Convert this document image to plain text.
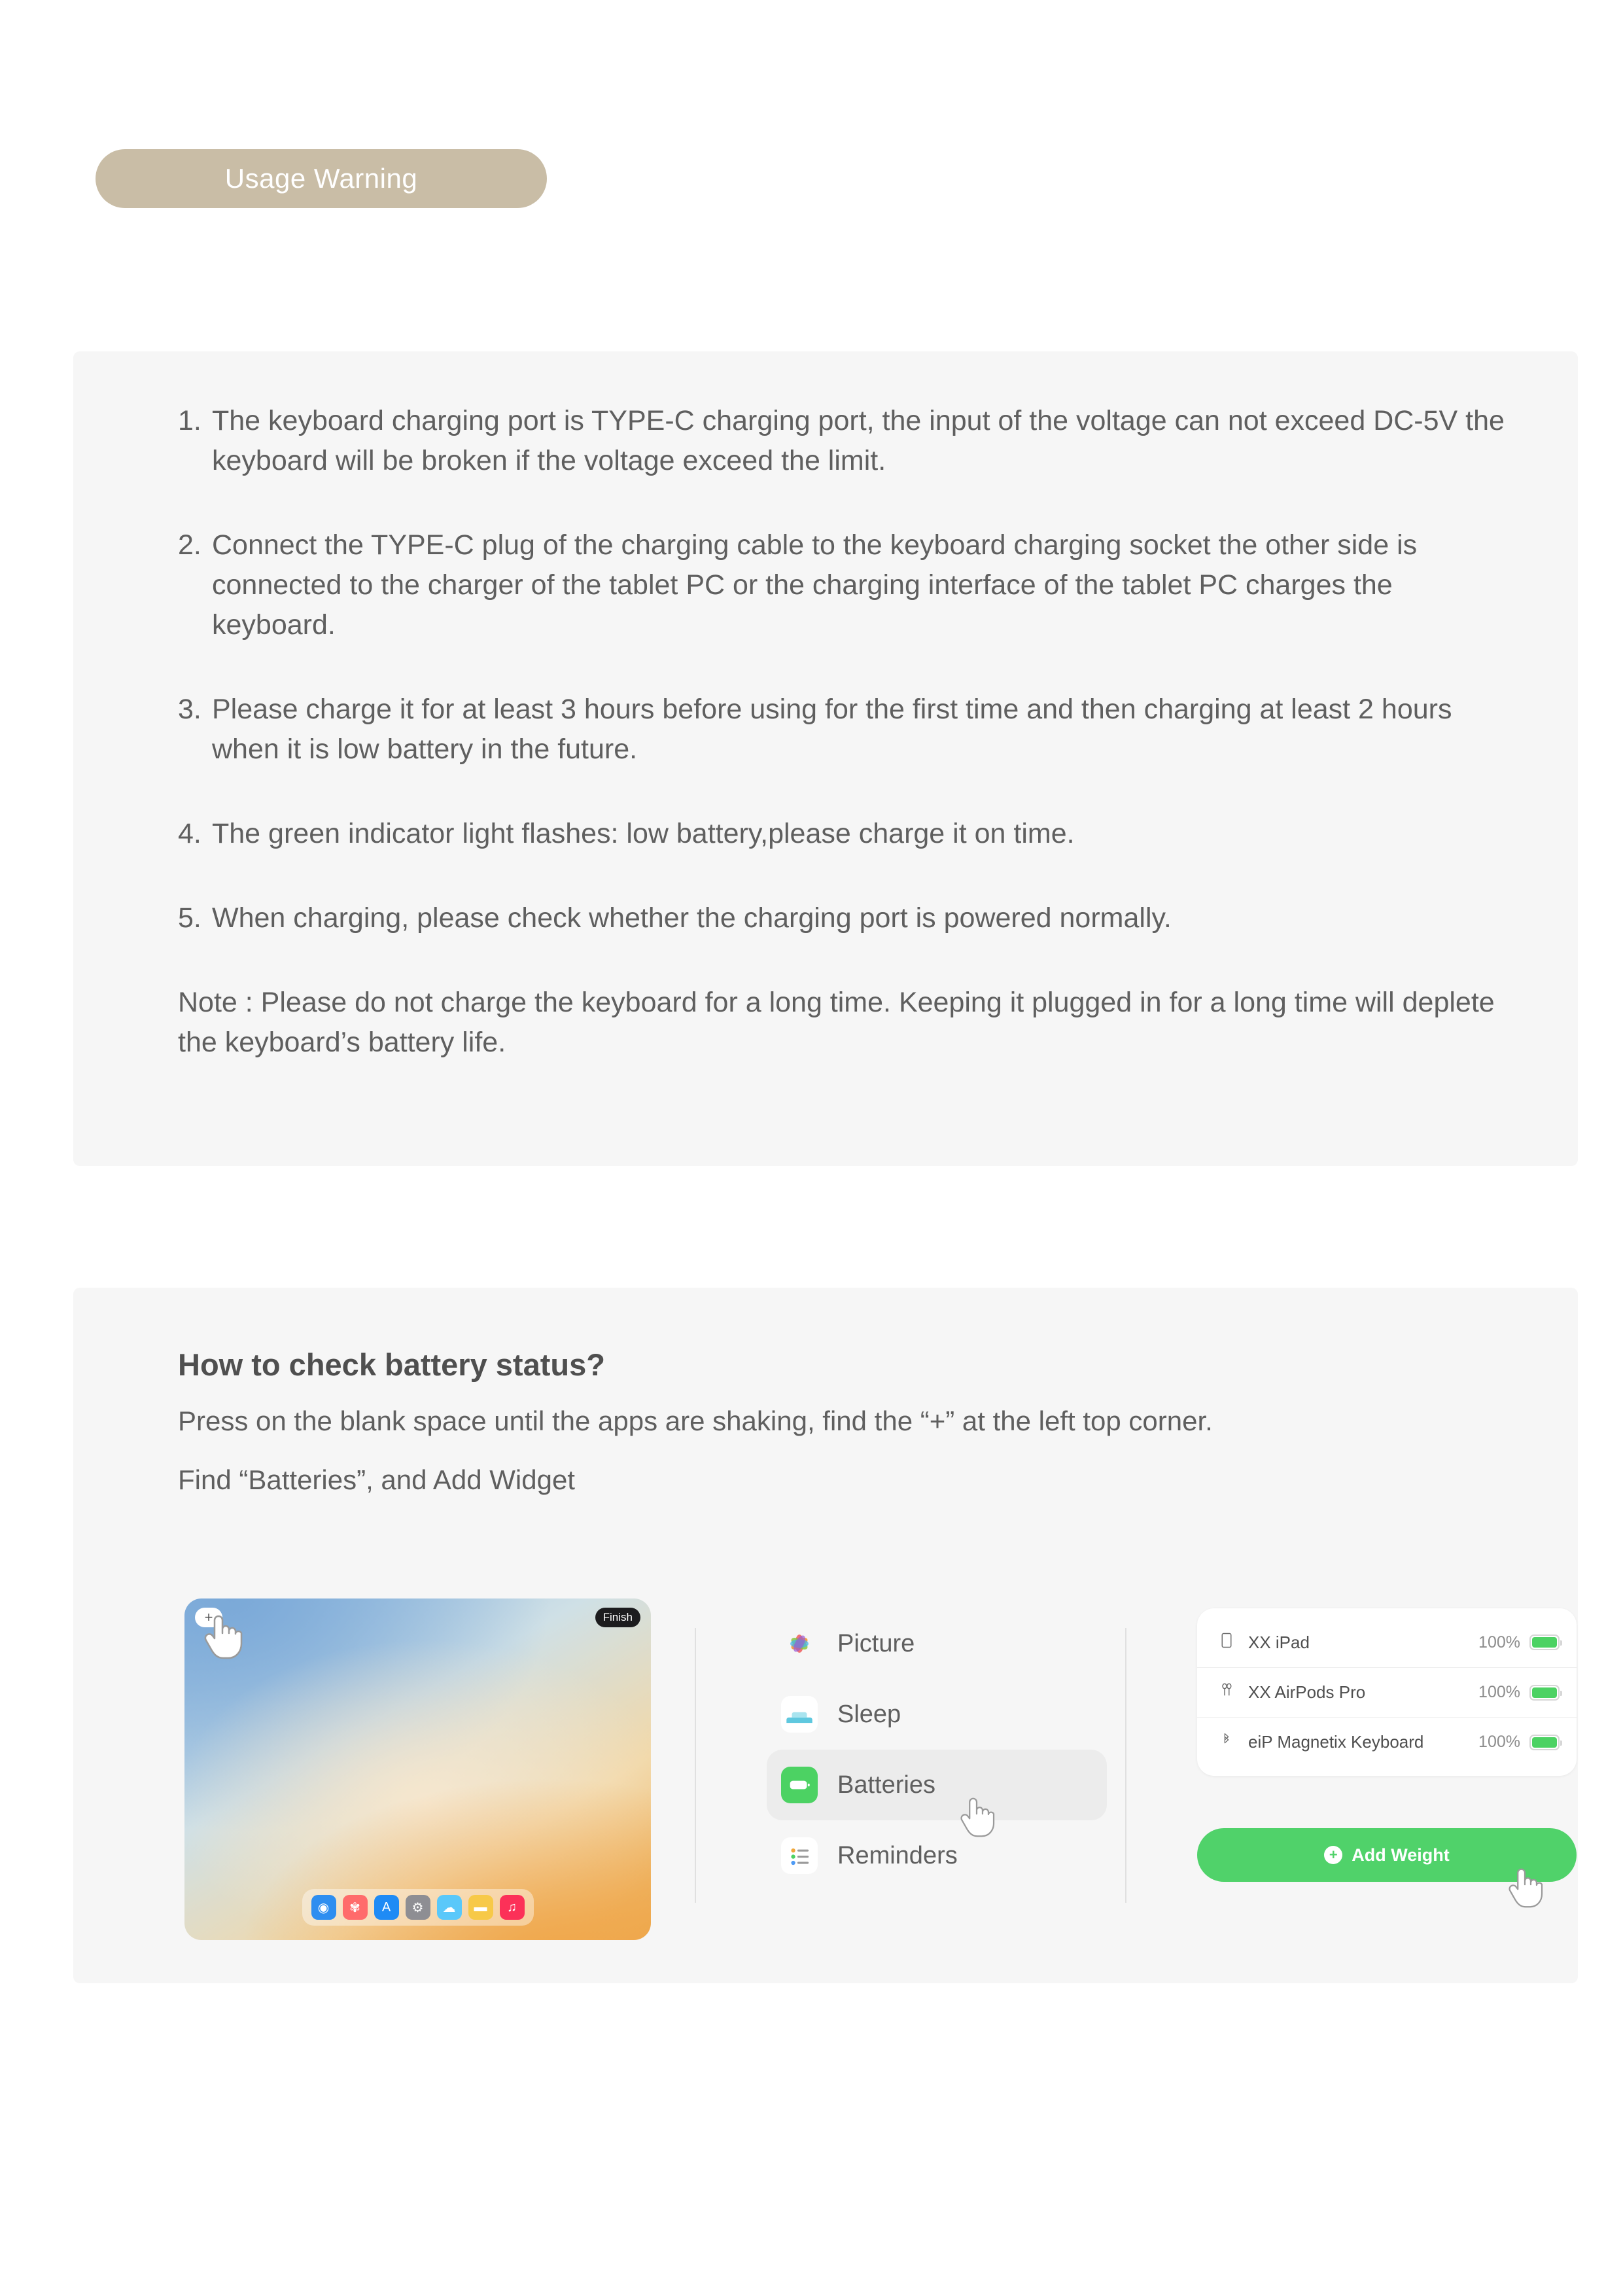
Usage Warning
1. The keyboard charging port is TYPE-C charging port, the input of the voltage can not exceed DC-5V the keyboard will be broken if the voltage exceed the limit.
2. Connect the TYPE-C plug of the charging cable to the keyboard charging socket the other side is connected to the charger of the tablet PC or the charging interface of the tablet PC charges the keyboard.
3. Please charge it for at least 3 hours before using for the first time and then charging at least 2 hours when it is low battery in the future.
4. The green indicator light flashes: low battery,please charge it on time.
5. When charging, please check whether the charging port is powered normally.
Note : Please do not charge the keyboard for a long time. Keeping it plugged in for a long time will deplete the keyboard’s battery life.
How to check battery status?
Press on the blank space until the apps are shaking, find the “+” at the left top corner.
Find “Batteries”, and Add Widget
+	Finish
◉	✾	A	⚙	☁	▬	♫
Picture
Sleep
Batteries
Reminders
XX iPad	100%
XX AirPods Pro	100%
eiP Magnetix Keyboard	100%
+ Add Weight
